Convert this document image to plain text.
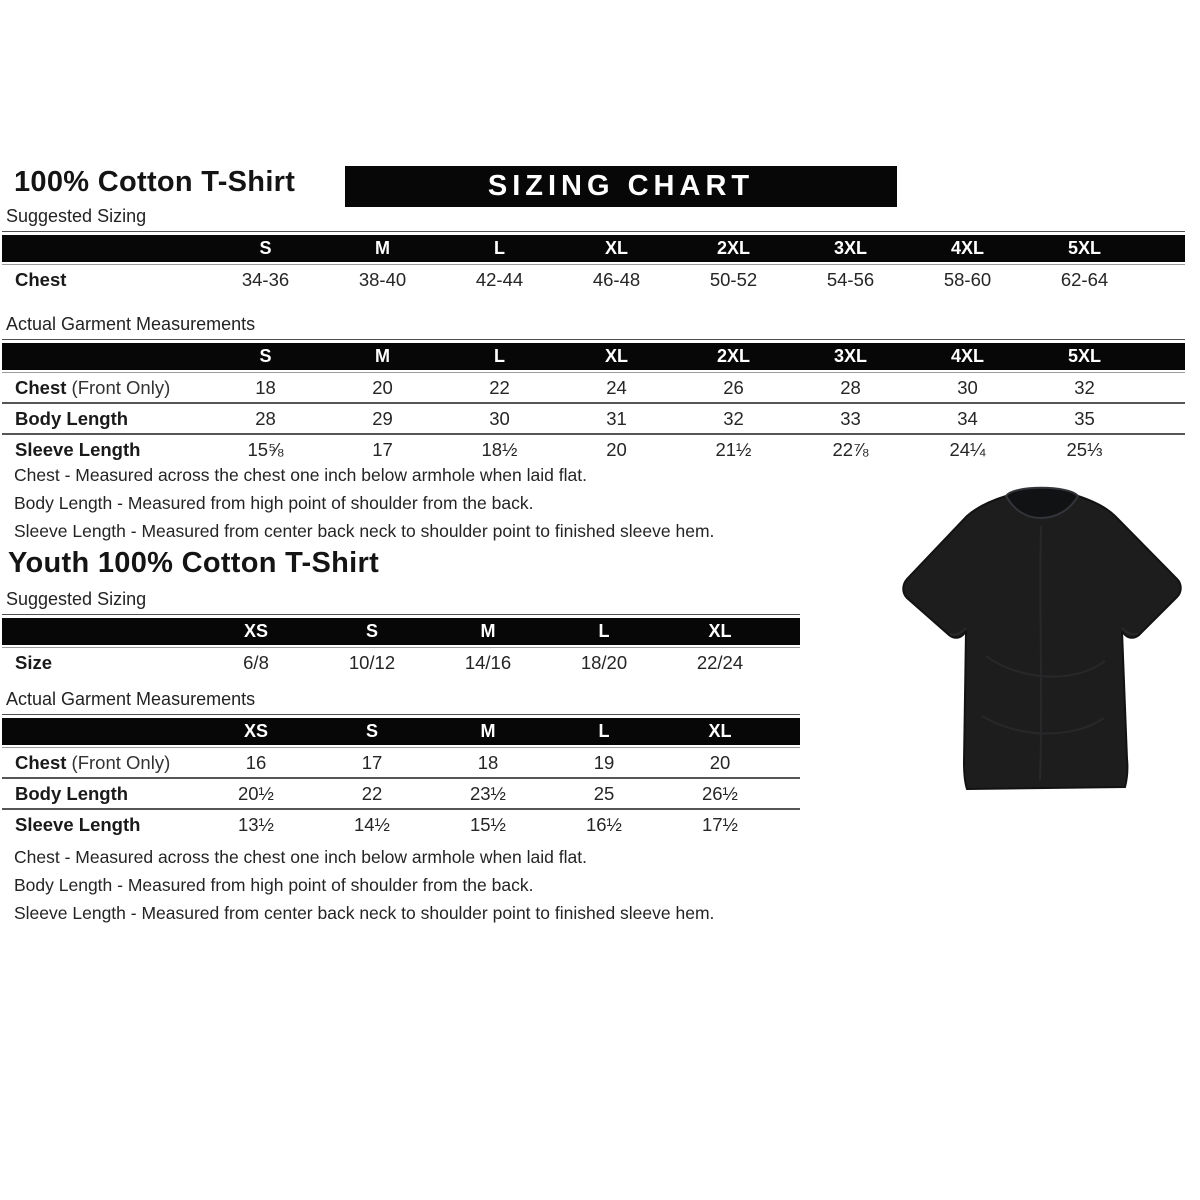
100% Cotton T-Shirt	SIZING CHART
Suggested Sizing
	S	M	L	XL	2XL	3XL	4XL	5XL	
Chest	34-36	38-40	42-44	46-48	50-52	54-56	58-60	62-64	
Actual Garment Measurements
	S	M	L	XL	2XL	3XL	4XL	5XL	
Chest (Front Only)	18	20	22	24	26	28	30	32	
Body Length	28	29	30	31	32	33	34	35	
Sleeve Length	15⅝	17	18½	20	21½	22⅞	24¼	25⅓	
Chest - Measured across the chest one inch below armhole when laid flat.
Body Length - Measured from high point of shoulder from the back.
Sleeve Length - Measured from center back neck to shoulder point to finished sleeve hem.
Youth 100% Cotton T-Shirt
Suggested Sizing
	XS	S	M	L	XL	
Size	6/8	10/12	14/16	18/20	22/24	
Actual Garment Measurements
	XS	S	M	L	XL	
Chest (Front Only)	16	17	18	19	20	
Body Length	20½	22	23½	25	26½	
Sleeve Length	13½	14½	15½	16½	17½	
Chest - Measured across the chest one inch below armhole when laid flat.
Body Length - Measured from high point of shoulder from the back.
Sleeve Length - Measured from center back neck to shoulder point to finished sleeve hem.
